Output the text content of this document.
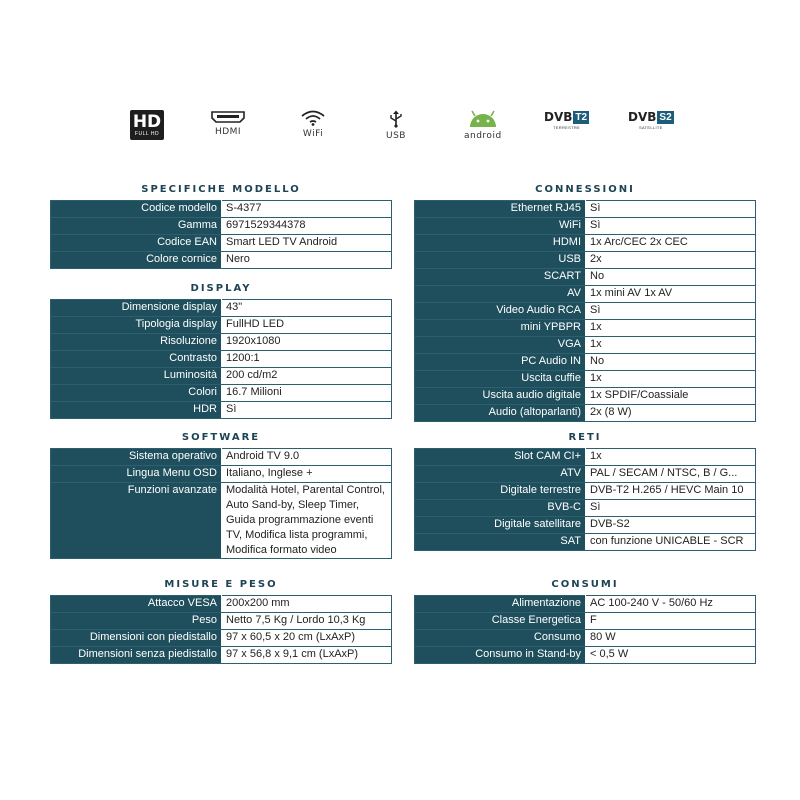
HD
FULL HD	HDMI	WiFi	USB	android
DVB T2
TERRESTRE
DVB S2
SATELLITE
SPECIFICHE MODELLO
Codice modello	S-4377
Gamma	6971529344378
Codice EAN	Smart LED TV Android
Colore cornice	Nero
DISPLAY
Dimensione display	43"
Tipologia display	FullHD LED
Risoluzione	1920x1080
Contrasto	1200:1
Luminosità	200 cd/m2
Colori	16.7 Milioni
HDR	Sì
SOFTWARE
Sistema operativo	Android TV 9.0
Lingua Menu OSD	Italiano, Inglese +
Funzioni avanzate	Modalità Hotel, Parental Control, Auto Sand-by, Sleep Timer, Guida programmazione eventi TV, Modifica lista programmi, Modifica formato video
MISURE E PESO
Attacco VESA	200x200 mm
Peso	Netto 7,5 Kg / Lordo 10,3 Kg
Dimensioni con piedistallo	97 x 60,5 x 20 cm (LxAxP)
Dimensioni senza piedistallo	97 x 56,8 x 9,1 cm (LxAxP)
CONNESSIONI
Ethernet RJ45	Sì
WiFi	Sì
HDMI	1x Arc/CEC 2x CEC
USB	2x
SCART	No
AV	1x mini AV 1x AV
Video Audio RCA	Sì
mini YPBPR	1x
VGA	1x
PC Audio IN	No
Uscita cuffie	1x
Uscita audio digitale	1x SPDIF/Coassiale
Audio (altoparlanti)	2x (8 W)
RETI
Slot CAM CI+	1x
ATV	PAL / SECAM / NTSC, B / G...
Digitale terrestre	DVB-T2 H.265 / HEVC Main 10
BVB-C	Sì
Digitale satellitare	DVB-S2
SAT	con funzione UNICABLE - SCR
CONSUMI
Alimentazione	AC 100-240 V - 50/60 Hz
Classe Energetica	F
Consumo	80 W
Consumo in Stand-by	< 0,5 W
